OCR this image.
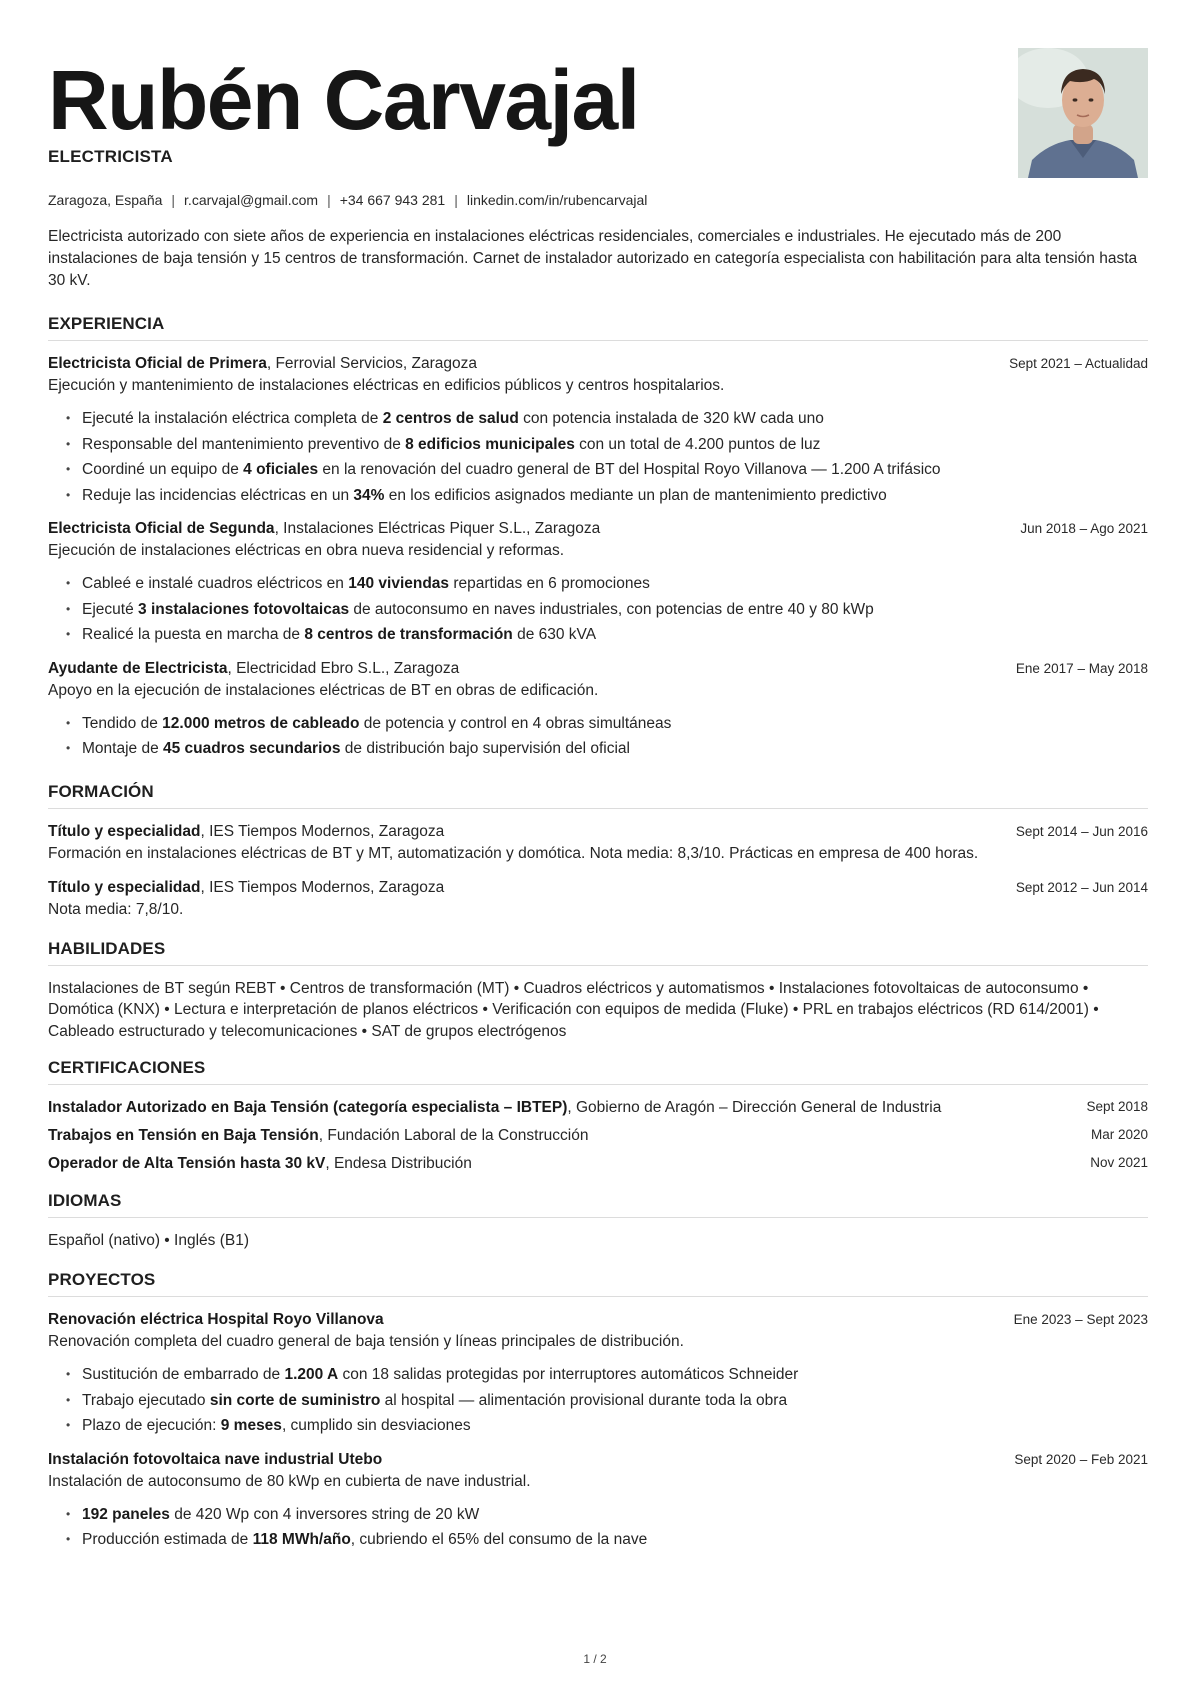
Rubén Carvajal
ELECTRICISTA
Zaragoza, España | r.carvajal@gmail.com | +34 667 943 281 | linkedin.com/in/rubencarvajal

Electricista autorizado con siete años de experiencia en instalaciones eléctricas residenciales, comerciales e industriales. He ejecutado más de 200 instalaciones de baja tensión y 15 centros de transformación. Carnet de instalador autorizado en categoría especialista con habilitación para alta tensión hasta 30 kV.

EXPERIENCIA
Electricista Oficial de Primera, Ferrovial Servicios, Zaragoza	Sept 2021 – Actualidad
Ejecución y mantenimiento de instalaciones eléctricas en edificios públicos y centros hospitalarios.
• Ejecuté la instalación eléctrica completa de 2 centros de salud con potencia instalada de 320 kW cada uno
• Responsable del mantenimiento preventivo de 8 edificios municipales con un total de 4.200 puntos de luz
• Coordiné un equipo de 4 oficiales en la renovación del cuadro general de BT del Hospital Royo Villanova — 1.200 A trifásico
• Reduje las incidencias eléctricas en un 34% en los edificios asignados mediante un plan de mantenimiento predictivo
Electricista Oficial de Segunda, Instalaciones Eléctricas Piquer S.L., Zaragoza	Jun 2018 – Ago 2021
Ejecución de instalaciones eléctricas en obra nueva residencial y reformas.
• Cableé e instalé cuadros eléctricos en 140 viviendas repartidas en 6 promociones
• Ejecuté 3 instalaciones fotovoltaicas de autoconsumo en naves industriales, con potencias de entre 40 y 80 kWp
• Realicé la puesta en marcha de 8 centros de transformación de 630 kVA
Ayudante de Electricista, Electricidad Ebro S.L., Zaragoza	Ene 2017 – May 2018
Apoyo en la ejecución de instalaciones eléctricas de BT en obras de edificación.
• Tendido de 12.000 metros de cableado de potencia y control en 4 obras simultáneas
• Montaje de 45 cuadros secundarios de distribución bajo supervisión del oficial
FORMACIÓN
Título y especialidad, IES Tiempos Modernos, Zaragoza	Sept 2014 – Jun 2016
Formación en instalaciones eléctricas de BT y MT, automatización y domótica. Nota media: 8,3/10. Prácticas en empresa de 400 horas.
Título y especialidad, IES Tiempos Modernos, Zaragoza	Sept 2012 – Jun 2014
Nota media: 7,8/10.
HABILIDADES

Instalaciones de BT según REBT • Centros de transformación (MT) • Cuadros eléctricos y automatismos • Instalaciones fotovoltaicas de autoconsumo • Domótica (KNX) • Lectura e interpretación de planos eléctricos • Verificación con equipos de medida (Fluke) • PRL en trabajos eléctricos (RD 614/2001) • Cableado estructurado y telecomunicaciones • SAT de grupos electrógenos

CERTIFICACIONES
Instalador Autorizado en Baja Tensión (categoría especialista – IBTEP), Gobierno de Aragón – Dirección General de Industria	Sept 2018
Trabajos en Tensión en Baja Tensión, Fundación Laboral de la Construcción	Mar 2020
Operador de Alta Tensión hasta 30 kV, Endesa Distribución	Nov 2021
IDIOMAS

Español (nativo) • Inglés (B1)

PROYECTOS
Renovación eléctrica Hospital Royo Villanova	Ene 2023 – Sept 2023
Renovación completa del cuadro general de baja tensión y líneas principales de distribución.
• Sustitución de embarrado de 1.200 A con 18 salidas protegidas por interruptores automáticos Schneider
• Trabajo ejecutado sin corte de suministro al hospital — alimentación provisional durante toda la obra
• Plazo de ejecución: 9 meses, cumplido sin desviaciones
Instalación fotovoltaica nave industrial Utebo	Sept 2020 – Feb 2021
Instalación de autoconsumo de 80 kWp en cubierta de nave industrial.
• 192 paneles de 420 Wp con 4 inversores string de 20 kW
• Producción estimada de 118 MWh/año, cubriendo el 65% del consumo de la nave
1 / 2
